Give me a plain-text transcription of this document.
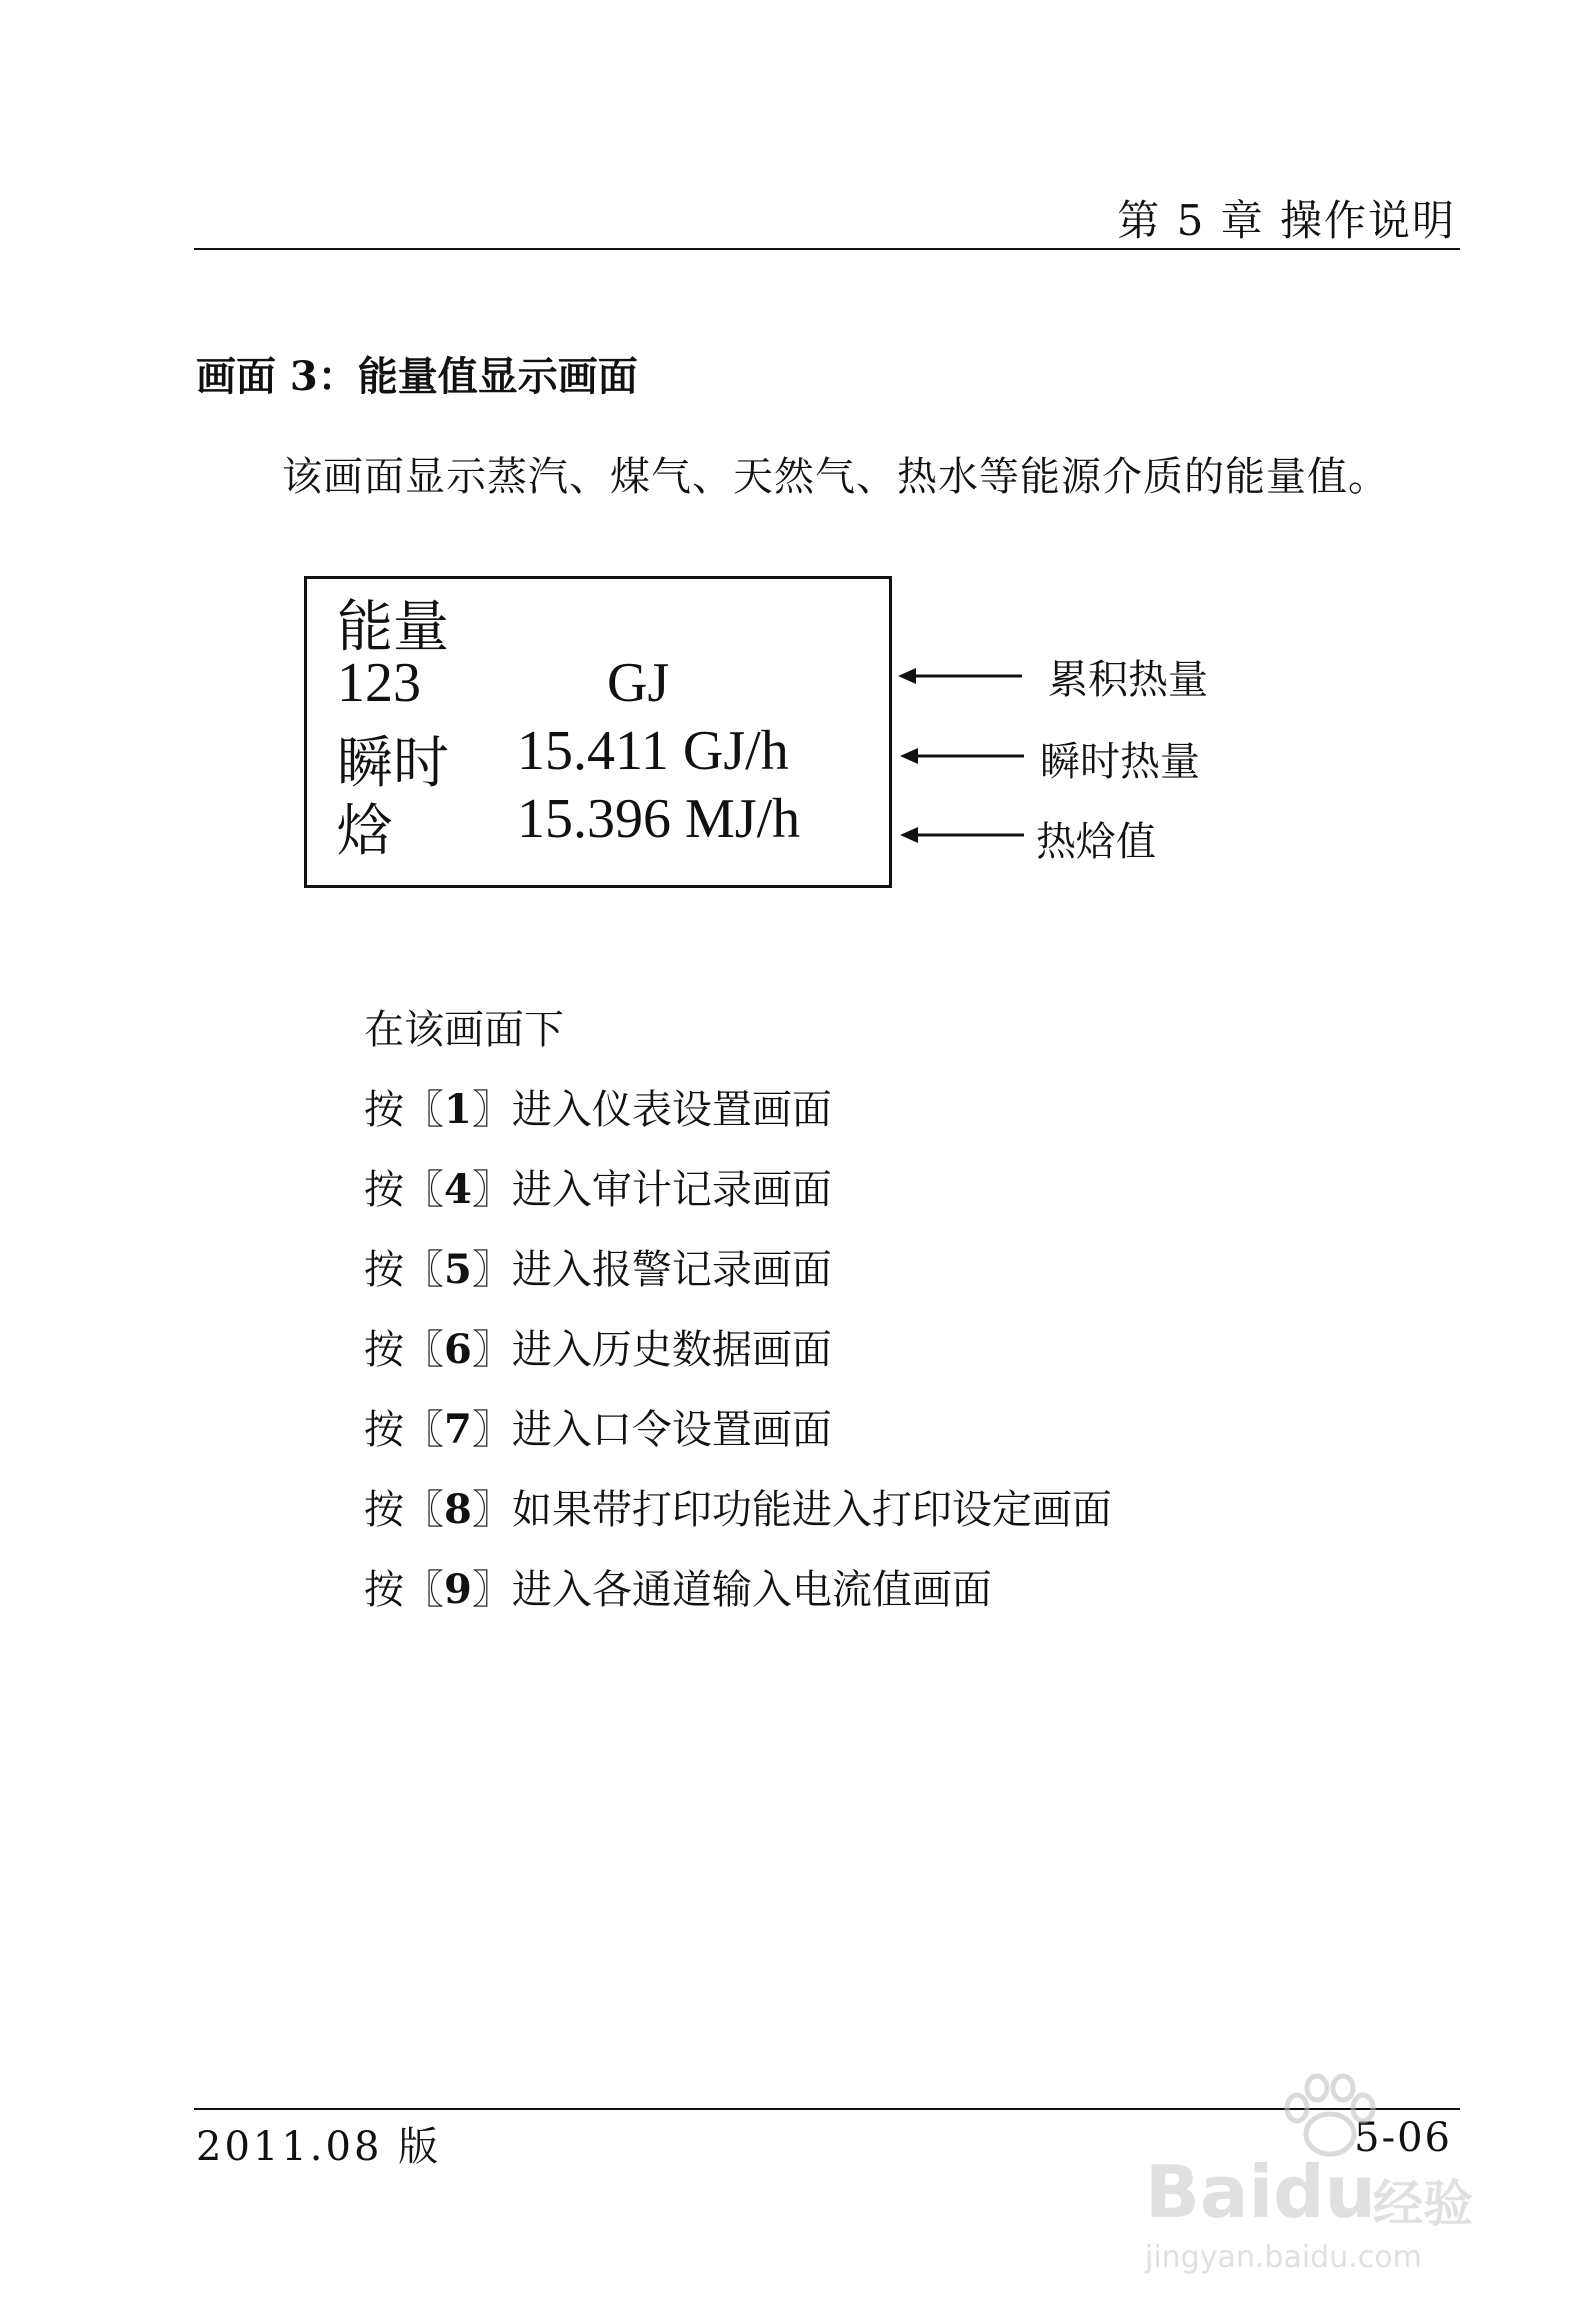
第 5 章 操作说明
画面 3：能量值显示画面
该画面显示蒸汽、煤气、天然气、热水等能源介质的能量值。
能量
123	GJ
瞬时 15.411 GJ/h
焓 15.396 MJ/h
累积热量
瞬时热量
热焓值
在该画面下
按〖1〗进入仪表设置画面
按〖4〗进入审计记录画面
按〖5〗进入报警记录画面
按〖6〗进入历史数据画面
按〖7〗进入口令设置画面
按〖8〗如果带打印功能进入打印设定画面
按〖9〗进入各通道输入电流值画面
2011.08 版	5-06
Baidu
经验
jingyan.baidu.com
